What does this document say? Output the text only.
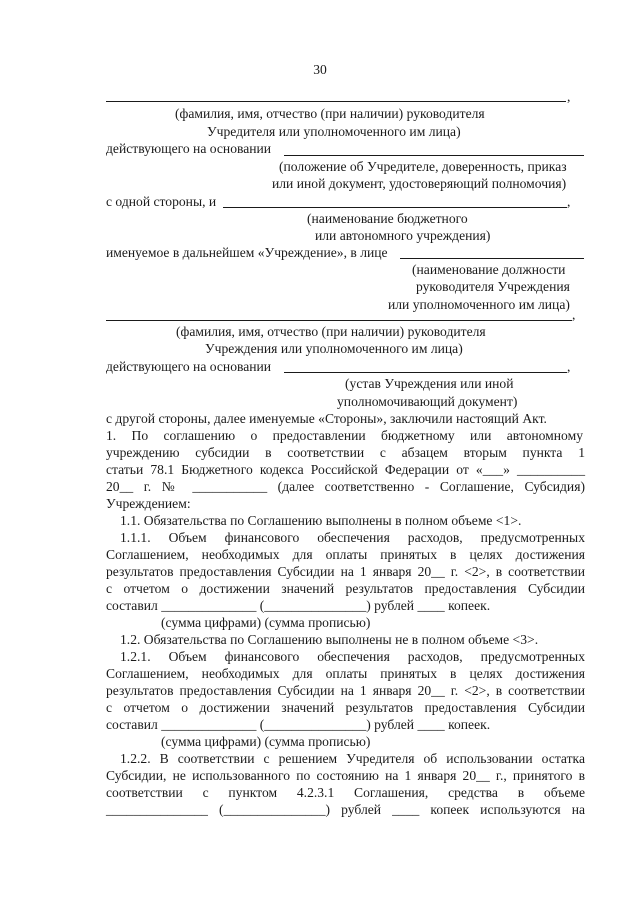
30
,
(фамилия, имя, отчество (при наличии) руководителя
Учредителя или уполномоченного им лица)
действующего на основании
(положение об Учредителе, доверенность, приказ
или иной документ, удостоверяющий полномочия)
с одной стороны, и	,
(наименование бюджетного
или автономного учреждения)
именуемое в дальнейшем «Учреждение», в лице
(наименование должности
руководителя Учреждения
или уполномоченного им лица)
,
(фамилия, имя, отчество (при наличии) руководителя
Учреждения или уполномоченного им лица)
действующего на основании	,
(устав Учреждения или иной
уполномочивающий документ)
с другой стороны, далее именуемые «Стороны», заключили настоящий Акт.
1. По соглашению о предоставлении бюджетному или автономному
учреждению субсидии в соответствии с абзацем вторым пункта 1
статьи 78.1 Бюджетного кодекса Российской Федерации от «___» __________
20__ г. № ___________ (далее соответственно - Соглашение, Субсидия)
Учреждением:
1.1. Обязательства по Соглашению выполнены в полном объеме <1>.
1.1.1. Объем финансового обеспечения расходов, предусмотренных
Соглашением, необходимых для оплаты принятых в целях достижения
результатов предоставления Субсидии на 1 января 20__ г. <2>, в соответствии
с отчетом о достижении значений результатов предоставления Субсидии
составил ______________ (_______________) рублей ____ копеек.
(сумма цифрами) (сумма прописью)
1.2. Обязательства по Соглашению выполнены не в полном объеме <3>.
1.2.1. Объем финансового обеспечения расходов, предусмотренных
Соглашением, необходимых для оплаты принятых в целях достижения
результатов предоставления Субсидии на 1 января 20__ г. <2>, в соответствии
с отчетом о достижении значений результатов предоставления Субсидии
составил ______________ (_______________) рублей ____ копеек.
(сумма цифрами) (сумма прописью)
1.2.2. В соответствии с решением Учредителя об использовании остатка
Субсидии, не использованного по состоянию на 1 января 20__ г., принятого в
соответствии с пунктом 4.2.3.1 Соглашения, средства в объеме
_______________ (_______________) рублей ____ копеек используются на
